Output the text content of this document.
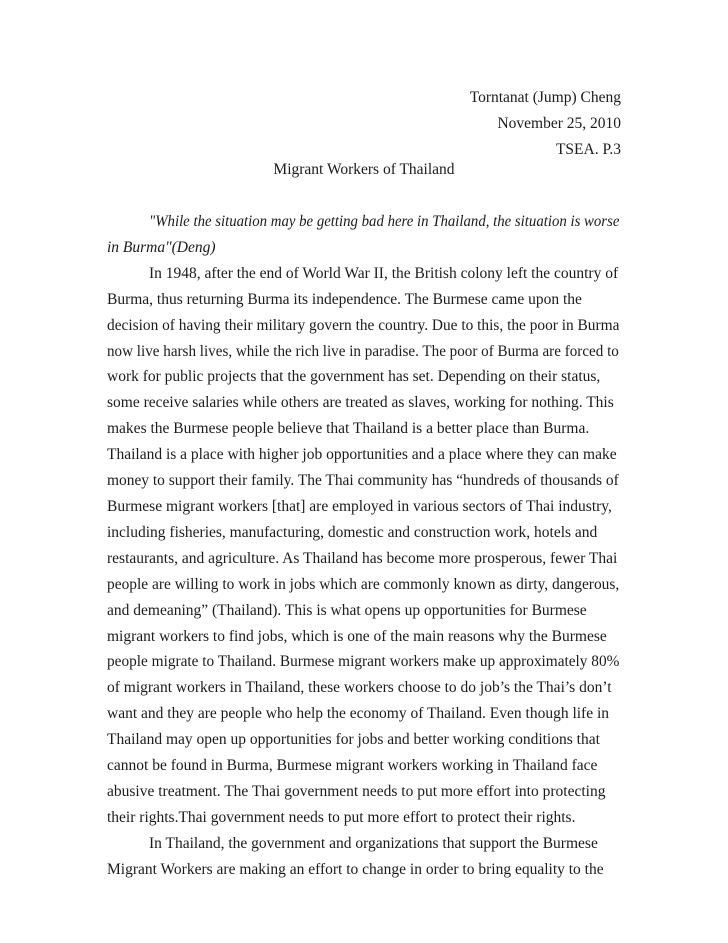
Torntanat (Jump) Cheng
November 25, 2010
TSEA. P.3
Migrant Workers of Thailand
"While the situation may be getting bad here in Thailand, the situation is worse
in Burma"(Deng)
In 1948, after the end of World War II, the British colony left the country of
Burma, thus returning Burma its independence. The Burmese came upon the
decision of having their military govern the country. Due to this, the poor in Burma
now live harsh lives, while the rich live in paradise. The poor of Burma are forced to
work for public projects that the government has set. Depending on their status,
some receive salaries while others are treated as slaves, working for nothing. This
makes the Burmese people believe that Thailand is a better place than Burma.
Thailand is a place with higher job opportunities and a place where they can make
money to support their family. The Thai community has “hundreds of thousands of
Burmese migrant workers [that] are employed in various sectors of Thai industry,
including fisheries, manufacturing, domestic and construction work, hotels and
restaurants, and agriculture. As Thailand has become more prosperous, fewer Thai
people are willing to work in jobs which are commonly known as dirty, dangerous,
and demeaning” (Thailand). This is what opens up opportunities for Burmese
migrant workers to find jobs, which is one of the main reasons why the Burmese
people migrate to Thailand. Burmese migrant workers make up approximately 80%
of migrant workers in Thailand, these workers choose to do job’s the Thai’s don’t
want and they are people who help the economy of Thailand. Even though life in
Thailand may open up opportunities for jobs and better working conditions that
cannot be found in Burma, Burmese migrant workers working in Thailand face
abusive treatment. The Thai government needs to put more effort into protecting
their rights.Thai government needs to put more effort to protect their rights.
In Thailand, the government and organizations that support the Burmese
Migrant Workers are making an effort to change in order to bring equality to the
